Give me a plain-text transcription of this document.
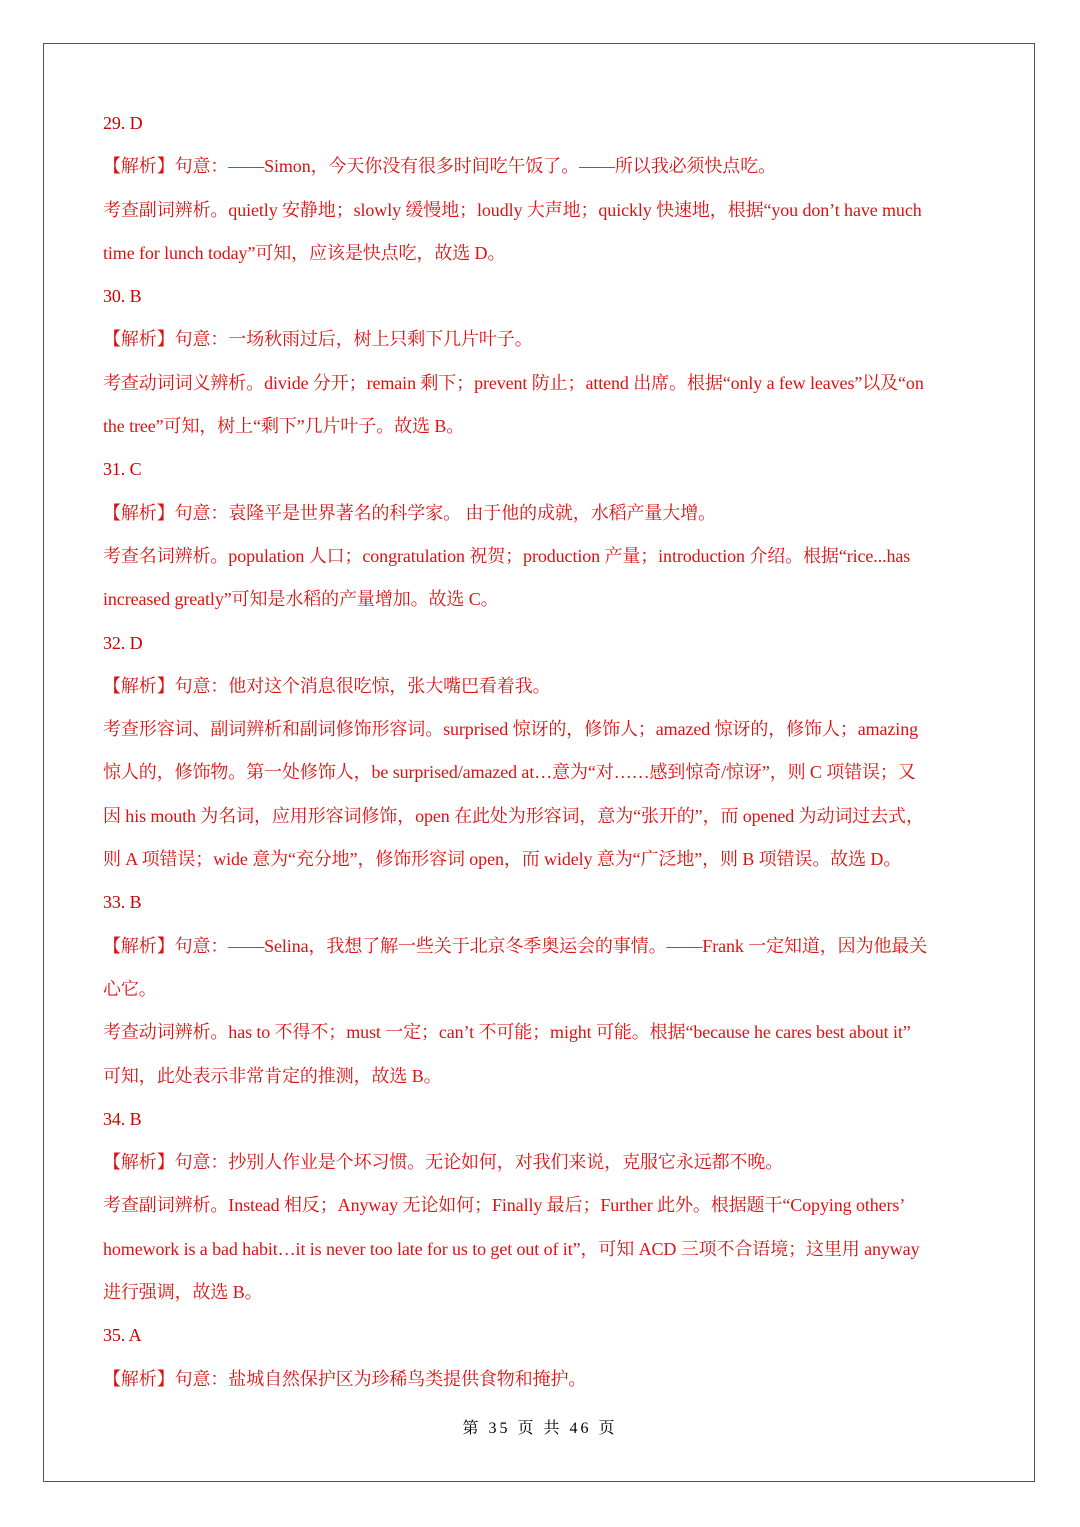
29. D
【解析】句意：——Simon，今天你没有很多时间吃午饭了。——所以我必须快点吃。
考查副词辨析。quietly 安静地；slowly 缓慢地；loudly 大声地；quickly 快速地，根据“you don’t have much
time for lunch today”可知，应该是快点吃，故选 D。
30. B
【解析】句意：一场秋雨过后，树上只剩下几片叶子。
考查动词词义辨析。divide 分开；remain 剩下；prevent 防止；attend 出席。根据“only a few leaves”以及“on
the tree”可知，树上“剩下”几片叶子。故选 B。
31. C
【解析】句意：袁隆平是世界著名的科学家。 由于他的成就，水稻产量大增。
考查名词辨析。population 人口；congratulation 祝贺；production 产量；introduction 介绍。根据“rice...has
increased greatly”可知是水稻的产量增加。故选 C。
32. D
【解析】句意：他对这个消息很吃惊，张大嘴巴看着我。
考查形容词、副词辨析和副词修饰形容词。surprised 惊讶的，修饰人；amazed 惊讶的，修饰人；amazing
惊人的，修饰物。第一处修饰人，be surprised/amazed at…意为“对……感到惊奇/惊讶”，则 C 项错误；又
因 his mouth 为名词，应用形容词修饰，open 在此处为形容词，意为“张开的”，而 opened 为动词过去式，
则 A 项错误；wide 意为“充分地”，修饰形容词 open，而 widely 意为“广泛地”，则 B 项错误。故选 D。
33. B
【解析】句意：——Selina，我想了解一些关于北京冬季奥运会的事情。——Frank 一定知道，因为他最关
心它。
考查动词辨析。has to 不得不；must 一定；can’t 不可能；might 可能。根据“because he cares best about it”
可知，此处表示非常肯定的推测，故选 B。
34. B
【解析】句意：抄别人作业是个坏习惯。无论如何，对我们来说，克服它永远都不晚。
考查副词辨析。Instead 相反；Anyway 无论如何；Finally 最后；Further 此外。根据题干“Copying others’
homework is a bad habit…it is never too late for us to get out of it”，可知 ACD 三项不合语境；这里用 anyway
进行强调，故选 B。
35. A
【解析】句意：盐城自然保护区为珍稀鸟类提供食物和掩护。
第 35 页 共 46 页
